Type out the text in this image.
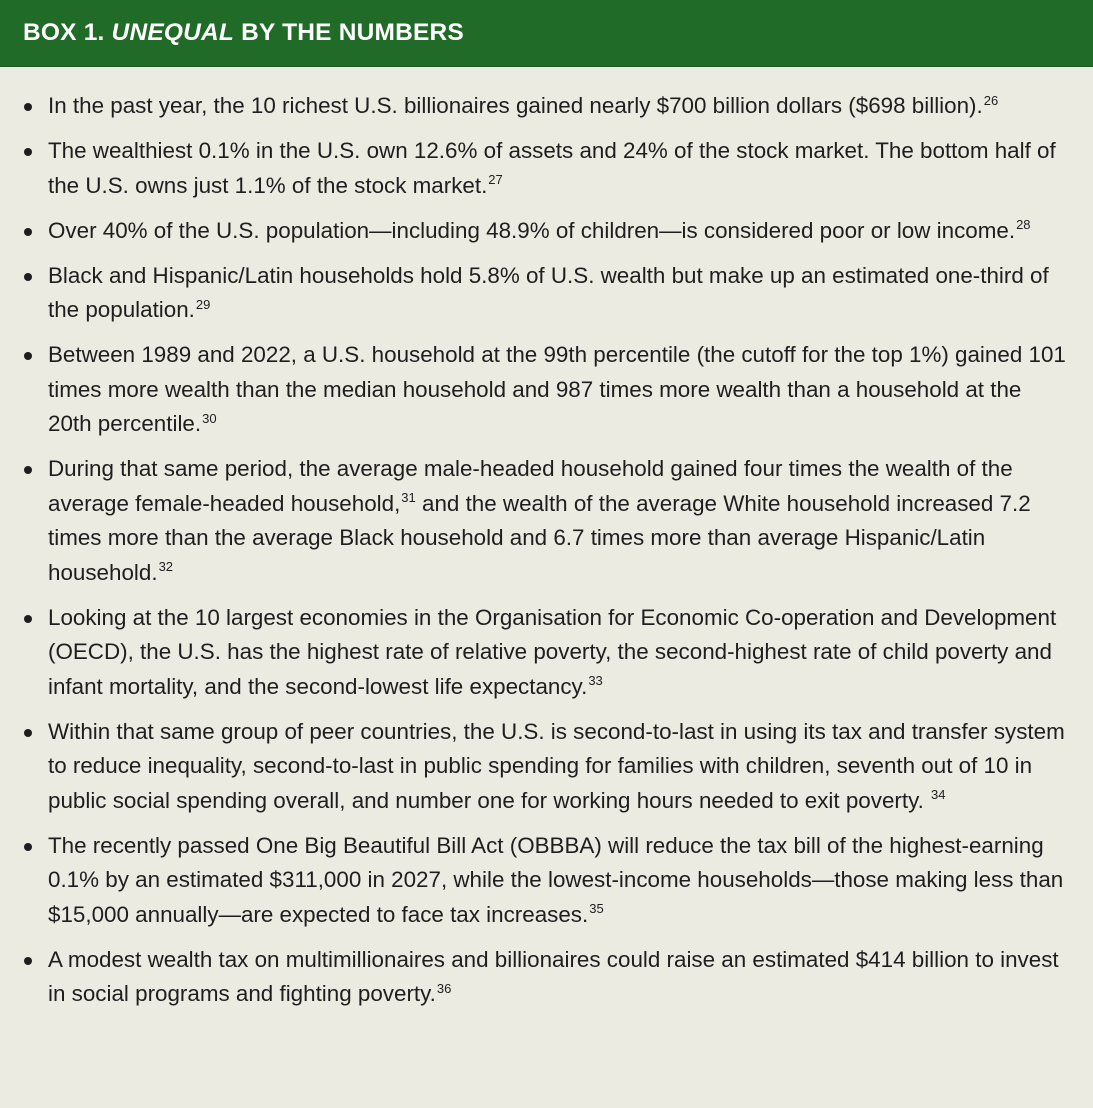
BOX 1. UNEQUAL BY THE NUMBERS
In the past year, the 10 richest U.S. billionaires gained nearly $700 billion dollars ($698 billion).$^{26}$
The wealthiest 0.1% in the U.S. own 12.6% of assets and 24% of the stock market. The bottom half of the U.S. owns just 1.1% of the stock market.$^{27}$
Over 40% of the U.S. population—including 48.9% of children—is considered poor or low income.$^{28}$
Black and Hispanic/Latin households hold 5.8% of U.S. wealth but make up an estimated one-third of the population.$^{29}$
Between 1989 and 2022, a U.S. household at the 99th percentile (the cutoff for the top 1%) gained 101 times more wealth than the median household and 987 times more wealth than a household at the 20th percentile.$^{30}$
During that same period, the average male-headed household gained four times the wealth of the average female-headed household,$^{31}$ and the wealth of the average White household increased 7.2 times more than the average Black household and 6.7 times more than average Hispanic/Latin household.$^{32}$
Looking at the 10 largest economies in the Organisation for Economic Co-operation and Development (OECD), the U.S. has the highest rate of relative poverty, the second-highest rate of child poverty and infant mortality, and the second-lowest life expectancy.$^{33}$
Within that same group of peer countries, the U.S. is second-to-last in using its tax and transfer system to reduce inequality, second-to-last in public spending for families with children, seventh out of 10 in public social spending overall, and number one for working hours needed to exit poverty. $^{34}$
The recently passed One Big Beautiful Bill Act (OBBBA) will reduce the tax bill of the highest-earning 0.1% by an estimated $311,000 in 2027, while the lowest-income households—those making less than $15,000 annually—are expected to face tax increases.$^{35}$
A modest wealth tax on multimillionaires and billionaires could raise an estimated $414 billion to invest in social programs and fighting poverty.$^{36}$
